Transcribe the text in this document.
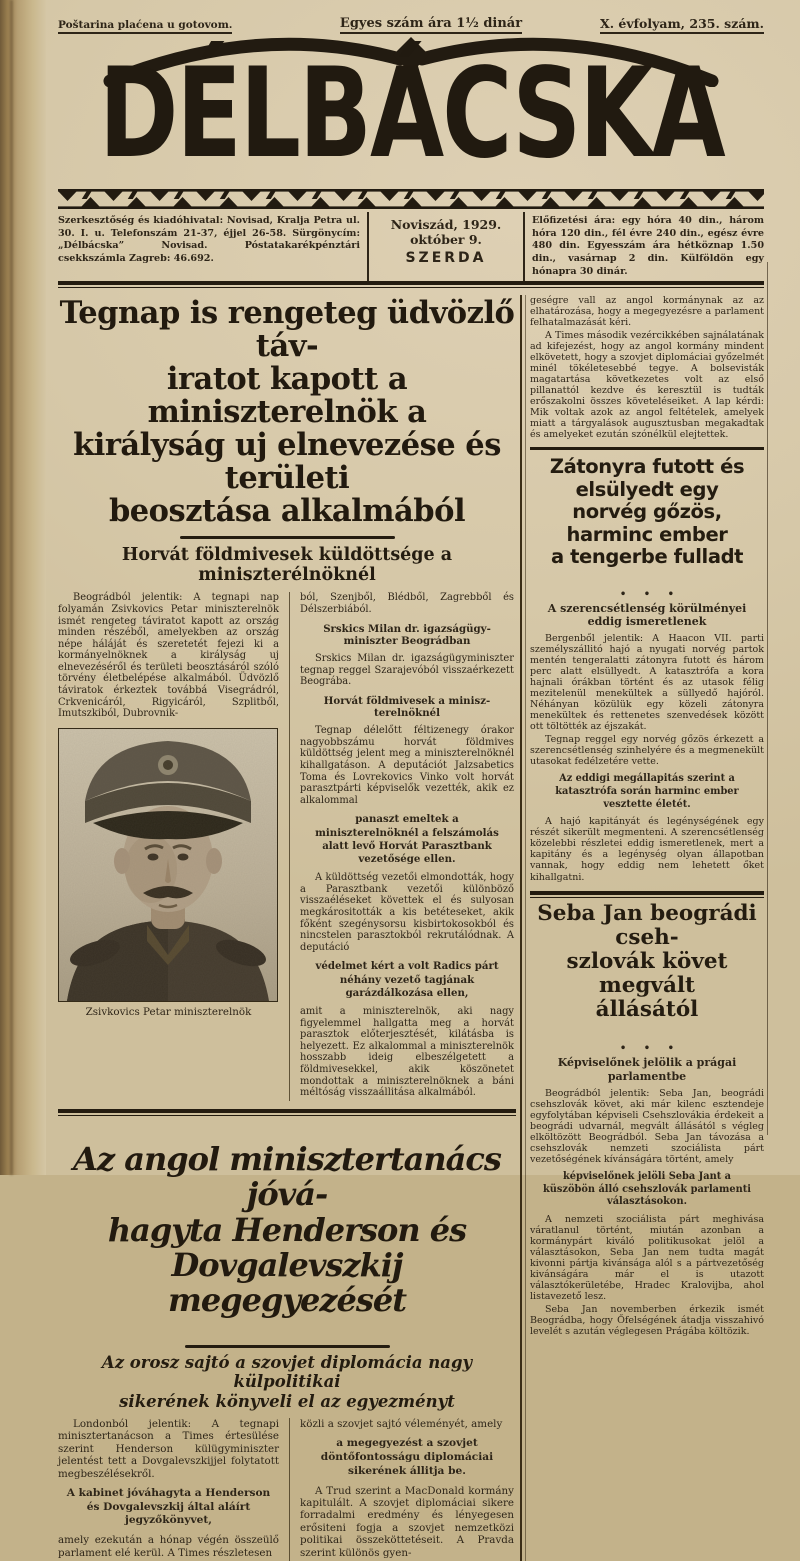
Poštarina plaćena u gotovom.	Egyes szám ára 1½ dinár	X. évfolyam, 235. szám.
DÉLBÁCSKA
Szerkesztőség és kiadóhivatal: Novisad, Kralja Petra ul. 30. I. u. Telefonszám 21-37, éjjel 26-58. Sürgönycím: „Délbácska” Novisad. Póstatakarékpénztári csekkszámla Zagreb: 46.692.
Noviszád, 1929. október 9.
SZERDA
Előfizetési ára: egy hóra 40 din., három hóra 120 din., fél évre 240 din., egész évre 480 din. Egyesszám ára hétköznap 1.50 din., vasárnap 2 din. Külföldön egy hónapra 30 dinár.
Tegnap is rengeteg üdvözlő táv-
iratot kapott a miniszterelnök a
királyság uj elnevezése és területi
beosztása alkalmából
Horvát földmivesek küldöttsége a miniszterélnöknél

Beográdból jelentik: A tegnapi nap folyamán Zsivkovics Petar miniszterelnök ismét rengeteg táviratot kapott az ország minden részéből, amelyekben az ország népe háláját és szeretetét fejezi ki a kormányelnöknek a királyság uj elnevezéséről és területi beosztásáról szóló törvény életbelépése alkalmából. Üdvözlő táviratok érkeztek továbbá Visegrádról, Crkvenicáról, Rigyicáról, Szplitből, Imutszkiból, Dubrovnik-

Zsivkovics Petar miniszterelnök

ból, Szenjből, Blédből, Zagrebből és Délszerbiából.

Srskics Milan dr. igazságügyminiszter Beográdban

Srskics Milan dr. igazságügyminiszter tegnap reggel Szarajevóból visszaérkezett Beográba.

Horvát földmivesek a miniszterelnöknél

Tegnap délelőtt féltizenegy órakor nagyobbszámu horvát földmives küldöttség jelent meg a miniszterelnöknél kihallgatáson. A deputációt Jalzsabetics Toma és Lovrekovics Vinko volt horvát parasztpárti képviselők vezették, akik ez alkalommal

panaszt emeltek a miniszterelnöknél a felszámolás alatt levő Horvát Parasztbank vezetősége ellen.

A küldöttség vezetői elmondották, hogy a Parasztbank vezetői különböző visszaéléseket követtek el és sulyosan megkárositották a kis betéteseket, akik főként szegénysorsu kisbirtokosokból és nincstelen parasztokból rekrutálódnak. A deputáció

védelmet kért a volt Radics párt néhány vezető tagjának garázdálkozása ellen,

amit a miniszterelnök, aki nagy figyelemmel hallgatta meg a horvát parasztok előterjesztését, kilátásba is helyezett. Ez alkalommal a miniszterelnök hosszabb ideig elbeszélgetett a földmivesekkel, akik köszönetet mondottak a miniszterelnöknek a báni méltóság visszaállitása alkalmából.

Az angol minisztertanács jóvá-
hagyta Henderson és Dovgalevszkij
megegyezését
Az orosz sajtó a szovjet diplomácia nagy külpolitikai
sikerének könyveli el az egyezményt

Londonból jelentik: A tegnapi minisztertanácson a Times értesülése szerint Henderson külügyminiszter jelentést tett a Dovgalevszkijjel folytatott megbeszélésekről.

A kabinet jóváhagyta a Henderson és Dovgalevszkij által aláírt jegyzőkönyvet,

amely ezekután a hónap végén összeülő parlament elé kerül. A Times részletesen

közli a szovjet sajtó véleményét, amely

a megegyezést a szovjet döntőfontosságu diplomáciai sikerének állitja be.

A Trud szerint a MacDonald kormány kapitulált. A szovjet diplomáciai sikere forradalmi eredmény és lényegesen erősiteni fogja a szovjet nemzetközi politikai összeköttetéseit. A Pravda szerint különös gyen-

geségre vall az angol kormánynak az az elhatározása, hogy a megegyezésre a parlament felhatalmazását kéri.

A Times második vezércikkében sajnálatának ad kifejezést, hogy az angol kormány mindent elkövetett, hogy a szovjet diplomáciai győzelmét minél tökéletesebbé tegye. A bolsevisták magatartása következetes volt az első pillanattól kezdve és keresztül is tudták erőszakolni összes követeléseiket. A lap kérdi: Mik voltak azok az angol feltételek, amelyek miatt a tárgyalások augusztusban megakadtak és amelyeket ezután szónélkül elejtettek.

Zátonyra futott és elsülyedt egy
norvég gőzös, harminc ember
a tengerbe fulladt
• • •
A szerencsétlenség körülményei eddig ismeretlenek

Bergenből jelentik: A Haacon VII. parti személyszállitó hajó a nyugati norvég partok mentén tengeralatti zátonyra futott és három perc alatt elsüllyedt. A katasztrófa a kora hajnali órákban történt és az utasok félig mezitelenül menekültek a süllyedő hajóról. Néhányan közülük egy közeli zátonyra menekültek és rettenetes szenvedések között ott töltötték az éjszakát.

Tegnap reggel egy norvég gőzös érkezett a szerencsétlenség szinhelyére és a megmenekült utasokat fedélzetére vette.

Az eddigi megállapitás szerint a katasztrófa során harminc ember vesztette életét.

A hajó kapitányát és legénységének egy részét sikerült megmenteni. A szerencsétlenség közelebbi részletei eddig ismeretlenek, mert a kapitány és a legénység olyan állapotban vannak, hogy eddig nem lehetett őket kihallgatni.

Seba Jan beográdi cseh-
szlovák követ megvált
állásától
• • •
Képviselőnek jelölik a prágai parlamentbe

Beográdból jelentik: Seba Jan, beográdi csehszlovák követ, aki már kilenc esztendeje egyfolytában képviseli Csehszlovákia érdekeit a beográdi udvarnál, megvált állásától s végleg elköltözött Beográdból. Seba Jan távozása a csehszlovák nemzeti szociálista párt vezetőségének kívánságára történt, amely

képviselőnek jelöli Seba Jant a küszöbön álló csehszlovák parlamenti választásokon.

A nemzeti szociálista párt meghivása váratlanul történt, miután azonban a kormánypárt kiváló politikusokat jelöl a választásokon, Seba Jan nem tudta magát kivonni pártja kivánsága alól s a pártvezetőség kivánságára már el is utazott választókerületébe, Hradec Kralovijba, ahol listavezető lesz.

Seba Jan novemberben érkezik ismét Beográdba, hogy Őfelségének átadja visszahivó levelét s azután véglegesen Prágába költözik.
